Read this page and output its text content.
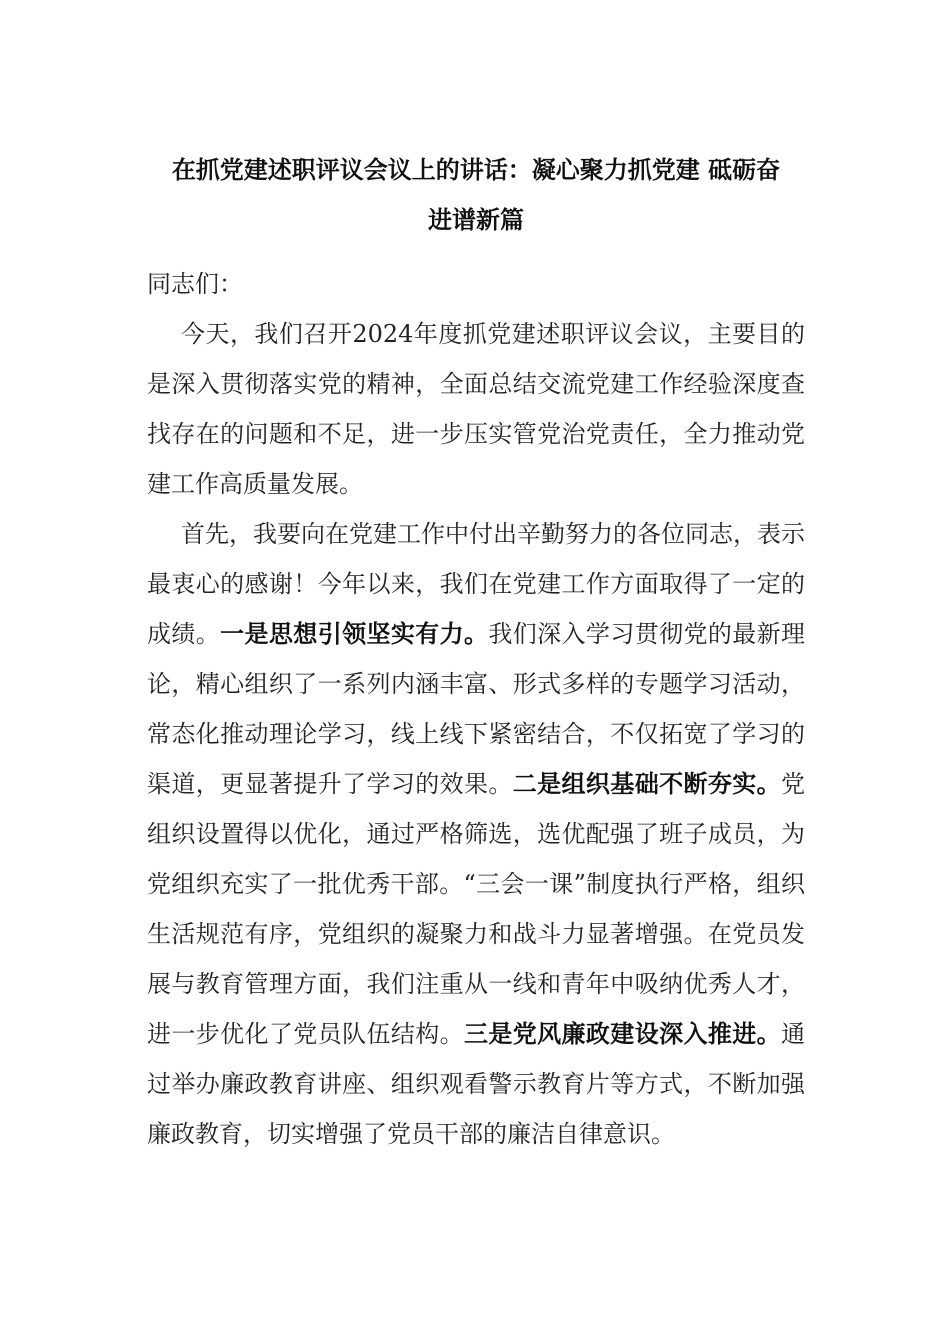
在抓党建述职评议会议上的讲话：凝心聚力抓党建 砥砺奋
进谱新篇

同志们：

今天，我们召开2024年度抓党建述职评议会议，主要目的是深入贯彻落实党的精神，全面总结交流党建工作经验深度查找存在的问题和不足，进一步压实管党治党责任，全力推动党建工作高质量发展。

首先，我要向在党建工作中付出辛勤努力的各位同志，表示最衷心的感谢！今年以来，我们在党建工作方面取得了一定的成绩。一是思想引领坚实有力。我们深入学习贯彻党的最新理论，精心组织了一系列内涵丰富、形式多样的专题学习活动，常态化推动理论学习，线上线下紧密结合，不仅拓宽了学习的渠道，更显著提升了学习的效果。二是组织基础不断夯实。党组织设置得以优化，通过严格筛选，选优配强了班子成员，为党组织充实了一批优秀干部。“三会一课”制度执行严格，组织生活规范有序，党组织的凝聚力和战斗力显著增强。在党员发展与教育管理方面，我们注重从一线和青年中吸纳优秀人才，进一步优化了党员队伍结构。三是党风廉政建设深入推进。通过举办廉政教育讲座、组织观看警示教育片等方式，不断加强廉政教育，切实增强了党员干部的廉洁自律意识。
